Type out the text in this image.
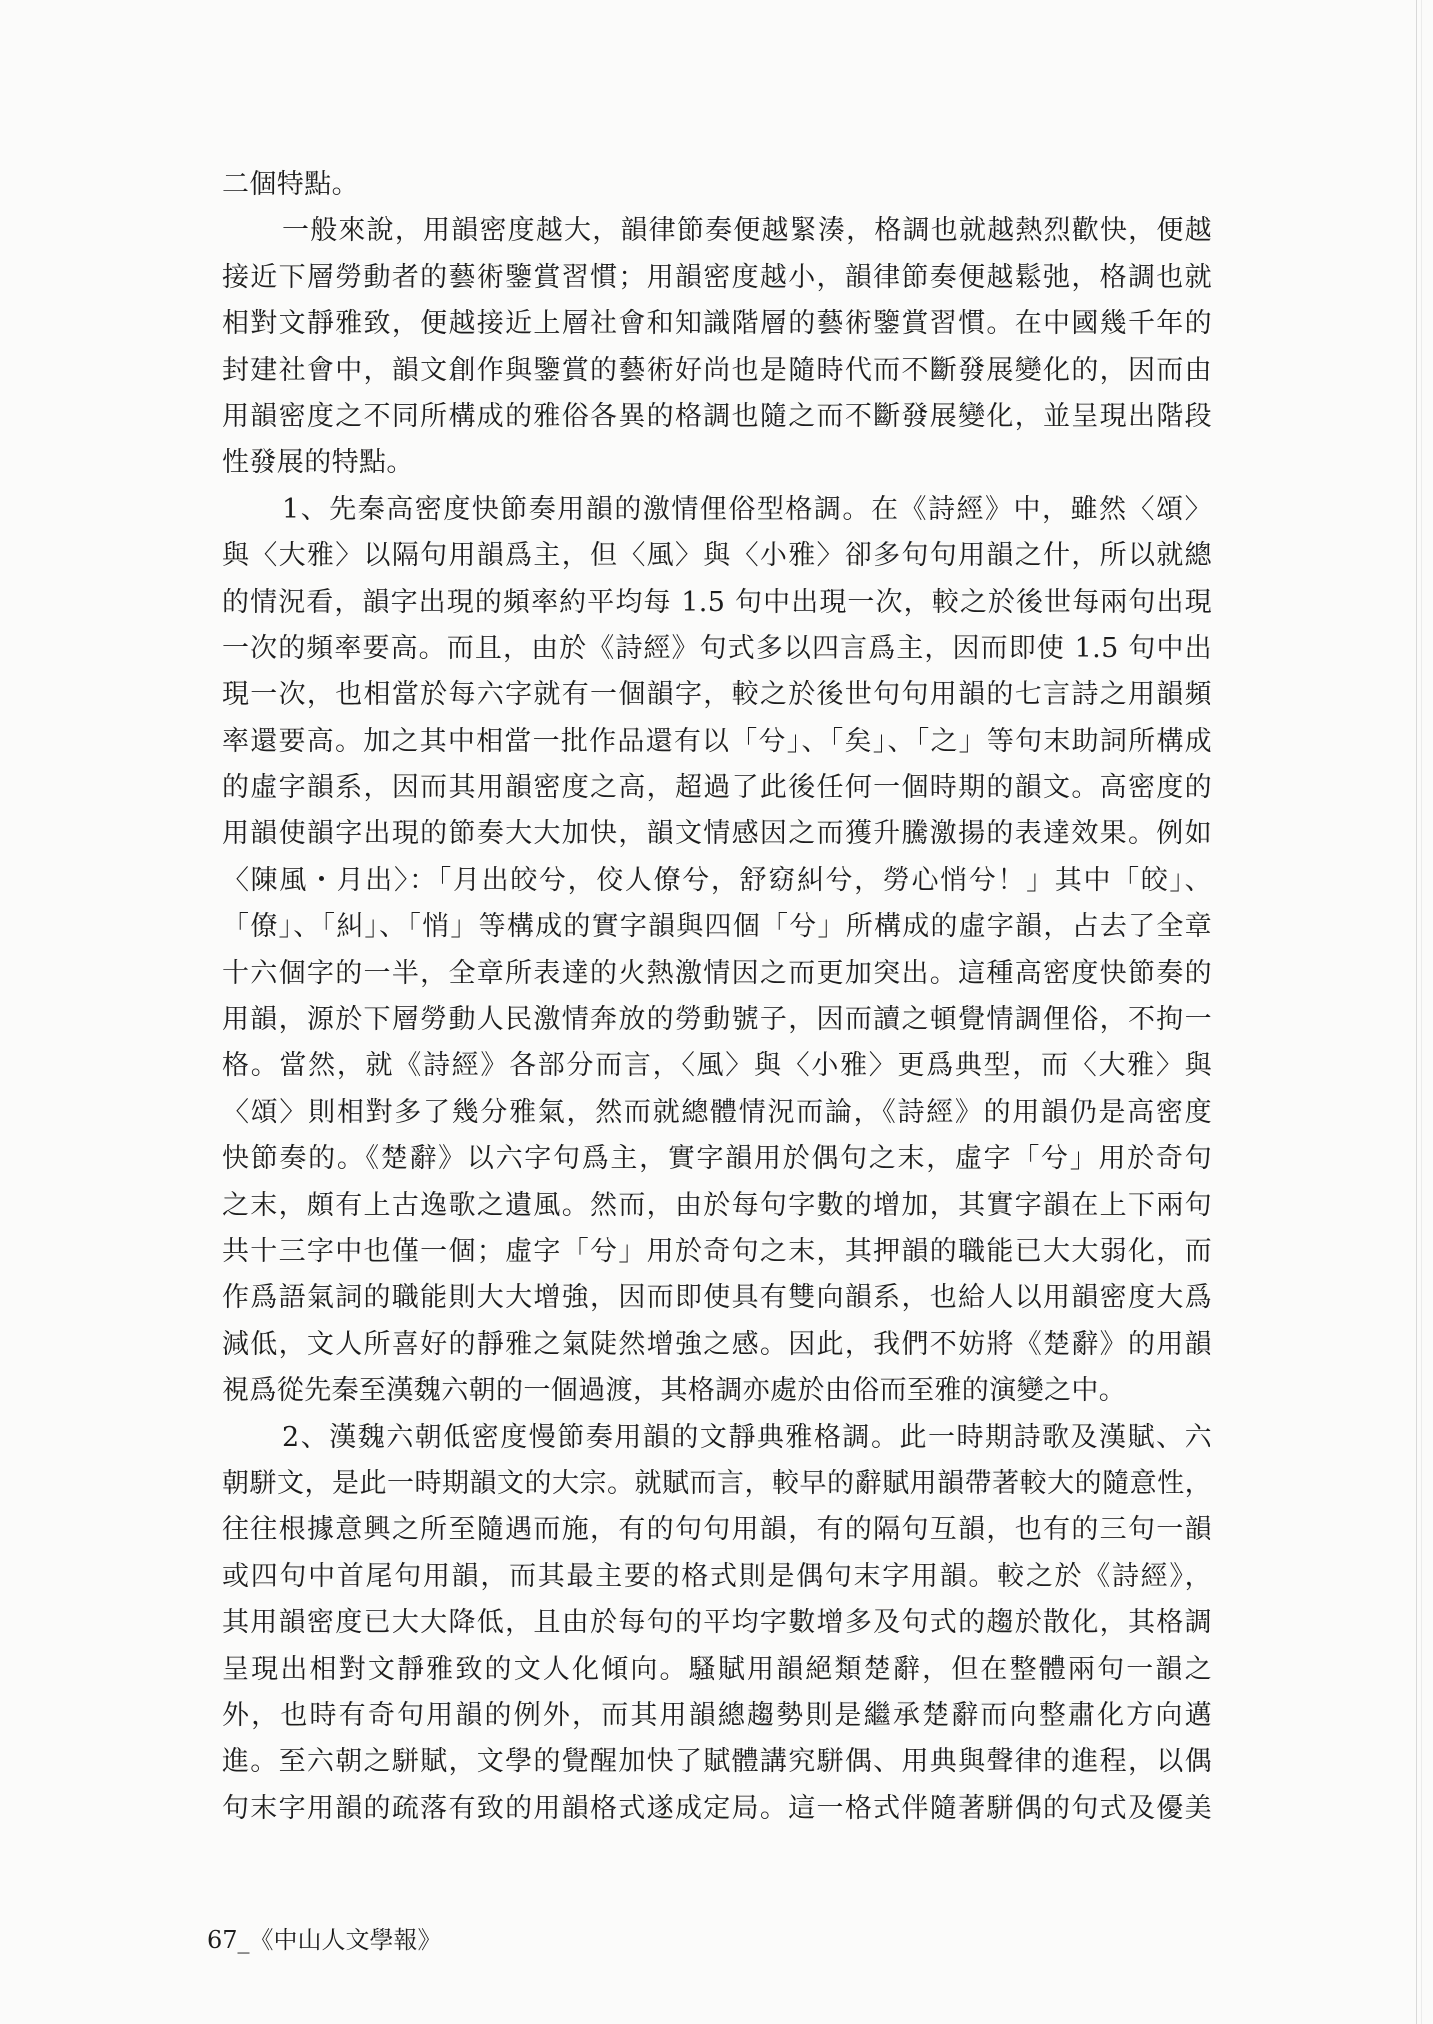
二個特點。
一般來說，用韻密度越大，韻律節奏便越緊湊，格調也就越熱烈歡快，便越
接近下層勞動者的藝術鑒賞習慣；用韻密度越小，韻律節奏便越鬆弛，格調也就
相對文靜雅致，便越接近上層社會和知識階層的藝術鑒賞習慣。在中國幾千年的
封建社會中，韻文創作與鑒賞的藝術好尚也是隨時代而不斷發展變化的，因而由
用韻密度之不同所構成的雅俗各異的格調也隨之而不斷發展變化，並呈現出階段
性發展的特點。
1、先秦高密度快節奏用韻的激情俚俗型格調。在《詩經》中，雖然〈頌〉
與〈大雅〉以隔句用韻爲主，但〈風〉與〈小雅〉卻多句句用韻之什，所以就總
的情況看，韻字出現的頻率約平均每 1.5 句中出現一次，較之於後世每兩句出現
一次的頻率要高。而且，由於《詩經》句式多以四言爲主，因而即使 1.5 句中出
現一次，也相當於每六字就有一個韻字，較之於後世句句用韻的七言詩之用韻頻
率還要高。加之其中相當一批作品還有以「兮」、「矣」、「之」等句末助詞所構成
的虛字韻系，因而其用韻密度之高，超過了此後任何一個時期的韻文。高密度的
用韻使韻字出現的節奏大大加快，韻文情感因之而獲升騰激揚的表達效果。例如
〈陳風・月出〉：「月出皎兮，佼人僚兮，舒窈糾兮，勞心悄兮！」其中「皎」、
「僚」、「糾」、「悄」等構成的實字韻與四個「兮」所構成的虛字韻，占去了全章
十六個字的一半，全章所表達的火熱激情因之而更加突出。這種高密度快節奏的
用韻，源於下層勞動人民激情奔放的勞動號子，因而讀之頓覺情調俚俗，不拘一
格。當然，就《詩經》各部分而言，〈風〉與〈小雅〉更爲典型，而〈大雅〉與
〈頌〉則相對多了幾分雅氣，然而就總體情況而論，《詩經》的用韻仍是高密度
快節奏的。《楚辭》以六字句爲主，實字韻用於偶句之末，虛字「兮」用於奇句
之末，頗有上古逸歌之遺風。然而，由於每句字數的增加，其實字韻在上下兩句
共十三字中也僅一個；虛字「兮」用於奇句之末，其押韻的職能已大大弱化，而
作爲語氣詞的職能則大大增強，因而即使具有雙向韻系，也給人以用韻密度大爲
減低，文人所喜好的靜雅之氣陡然增強之感。因此，我們不妨將《楚辭》的用韻
視爲從先秦至漢魏六朝的一個過渡，其格調亦處於由俗而至雅的演變之中。
2、漢魏六朝低密度慢節奏用韻的文靜典雅格調。此一時期詩歌及漢賦、六
朝駢文，是此一時期韻文的大宗。就賦而言，較早的辭賦用韻帶著較大的隨意性，
往往根據意興之所至隨遇而施，有的句句用韻，有的隔句互韻，也有的三句一韻
或四句中首尾句用韻，而其最主要的格式則是偶句末字用韻。較之於《詩經》，
其用韻密度已大大降低，且由於每句的平均字數增多及句式的趨於散化，其格調
呈現出相對文靜雅致的文人化傾向。騷賦用韻絕類楚辭，但在整體兩句一韻之
外，也時有奇句用韻的例外，而其用韻總趨勢則是繼承楚辭而向整肅化方向邁
進。至六朝之駢賦，文學的覺醒加快了賦體講究駢偶、用典與聲律的進程，以偶
句末字用韻的疏落有致的用韻格式遂成定局。這一格式伴隨著駢偶的句式及優美
67_《中山人文學報》
